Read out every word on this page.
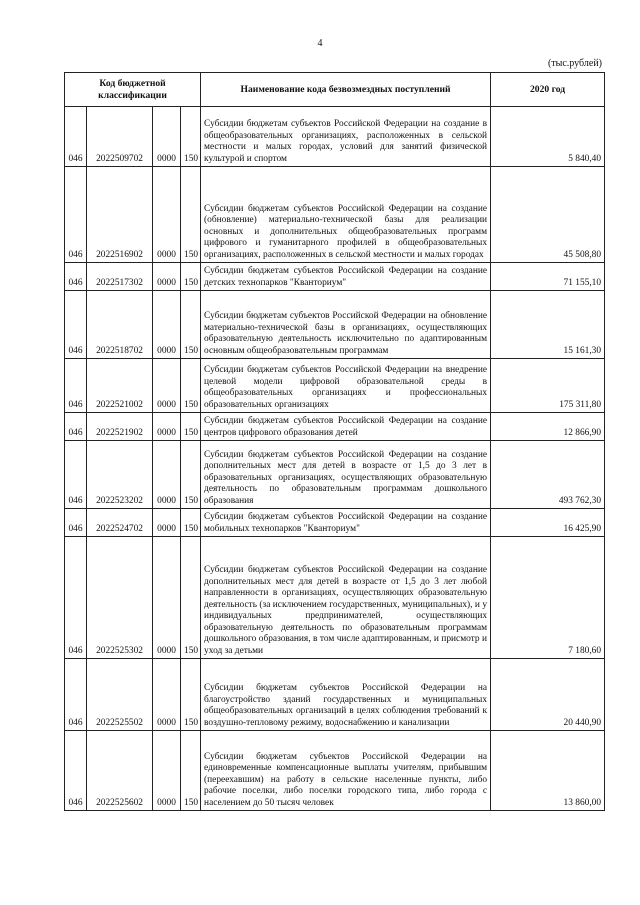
4
(тыс.рублей)
Код бюджетной классификации				Наименование кода безвозмездных поступлений	2020 год
046	2022509702	0000	150	Субсидии бюджетам субъектов Российской Федерации на создание в общеобразовательных организациях, расположенных в сельской местности и малых городах, условий для занятий физической культурой и спортом	5 840,40
046	2022516902	0000	150	Субсидии бюджетам субъектов Российской Федерации на создание (обновление) материально-технической базы для реализации основных и дополнительных общеобразовательных программ цифрового и гуманитарного профилей в общеобразовательных организациях, расположенных в сельской местности и малых городах	45 508,80
046	2022517302	0000	150	Субсидии бюджетам субъектов Российской Федерации на создание детских технопарков "Кванториум"	71 155,10
046	2022518702	0000	150	Субсидии бюджетам субъектов Российской Федерации на обновление материально-технической базы в организациях, осуществляющих образовательную деятельность исключительно по адаптированным основным общеобразовательным программам	15 161,30
046	2022521002	0000	150	Субсидии бюджетам субъектов Российской Федерации на внедрение целевой модели цифровой образовательной среды в общеобразовательных организациях и профессиональных образовательных организациях	175 311,80
046	2022521902	0000	150	Субсидии бюджетам субъектов Российской Федерации на создание центров цифрового образования детей	12 866,90
046	2022523202	0000	150	Субсидии бюджетам субъектов Российской Федерации на создание дополнительных мест для детей в возрасте от 1,5 до 3 лет в образовательных организациях, осуществляющих образовательную деятельность по образовательным программам дошкольного образования	493 762,30
046	2022524702	0000	150	Субсидии бюджетам субъектов Российской Федерации на создание мобильных технопарков "Кванториум"	16 425,90
046	2022525302	0000	150	Субсидии бюджетам субъектов Российской Федерации на создание дополнительных мест для детей в возрасте от 1,5 до 3 лет любой направленности в организациях, осуществляющих образовательную деятельность (за исключением государственных, муниципальных), и у индивидуальных предпринимателей, осуществляющих образовательную деятельность по образовательным программам дошкольного образования, в том числе адаптированным, и присмотр и уход за детьми	7 180,60
046	2022525502	0000	150	Субсидии бюджетам субъектов Российской Федерации на благоустройство зданий государственных и муниципальных общеобразовательных организаций в целях соблюдения требований к воздушно-тепловому режиму, водоснабжению и канализации	20 440,90
046	2022525602	0000	150	Субсидии бюджетам субъектов Российской Федерации на единовременные компенсационные выплаты учителям, прибывшим (переехавшим) на работу в сельские населенные пункты, либо рабочие поселки, либо поселки городского типа, либо города с населением до 50 тысяч человек	13 860,00
